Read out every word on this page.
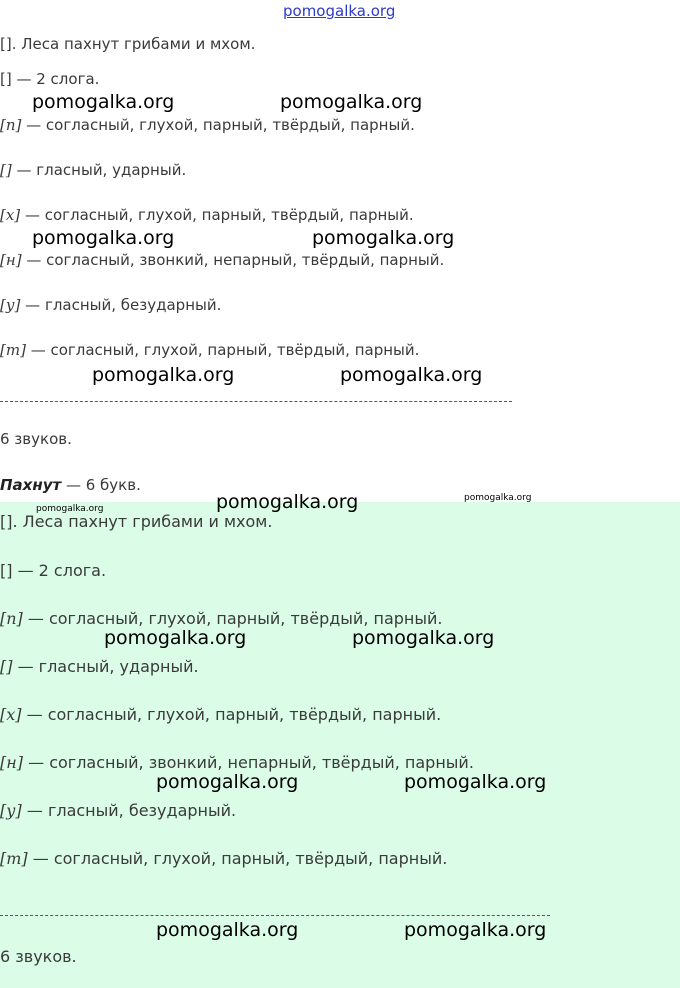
pomogalka.org
[]. Леса пахнут грибами и мхом.
[] — 2 слога.
[п] — согласный, глухой, парный, твёрдый, парный.
[] — гласный, ударный.
[х] — согласный, глухой, парный, твёрдый, парный.
[н] — согласный, звонкий, непарный, твёрдый, парный.
[у] — гласный, безударный.
[т] — согласный, глухой, парный, твёрдый, парный.
6 звуков.
Пахнут — 6 букв.
[]. Леса пахнут грибами и мхом.
[] — 2 слога.
[п] — согласный, глухой, парный, твёрдый, парный.
[] — гласный, ударный.
[х] — согласный, глухой, парный, твёрдый, парный.
[н] — согласный, звонкий, непарный, твёрдый, парный.
[у] — гласный, безударный.
[т] — согласный, глухой, парный, твёрдый, парный.
6 звуков.
pomogalka.org	pomogalka.org
pomogalka.org	pomogalka.org
pomogalka.org	pomogalka.org
pomogalka.org
pomogalka.org
pomogalka.org
pomogalka.org	pomogalka.org
pomogalka.org	pomogalka.org
pomogalka.org	pomogalka.org
